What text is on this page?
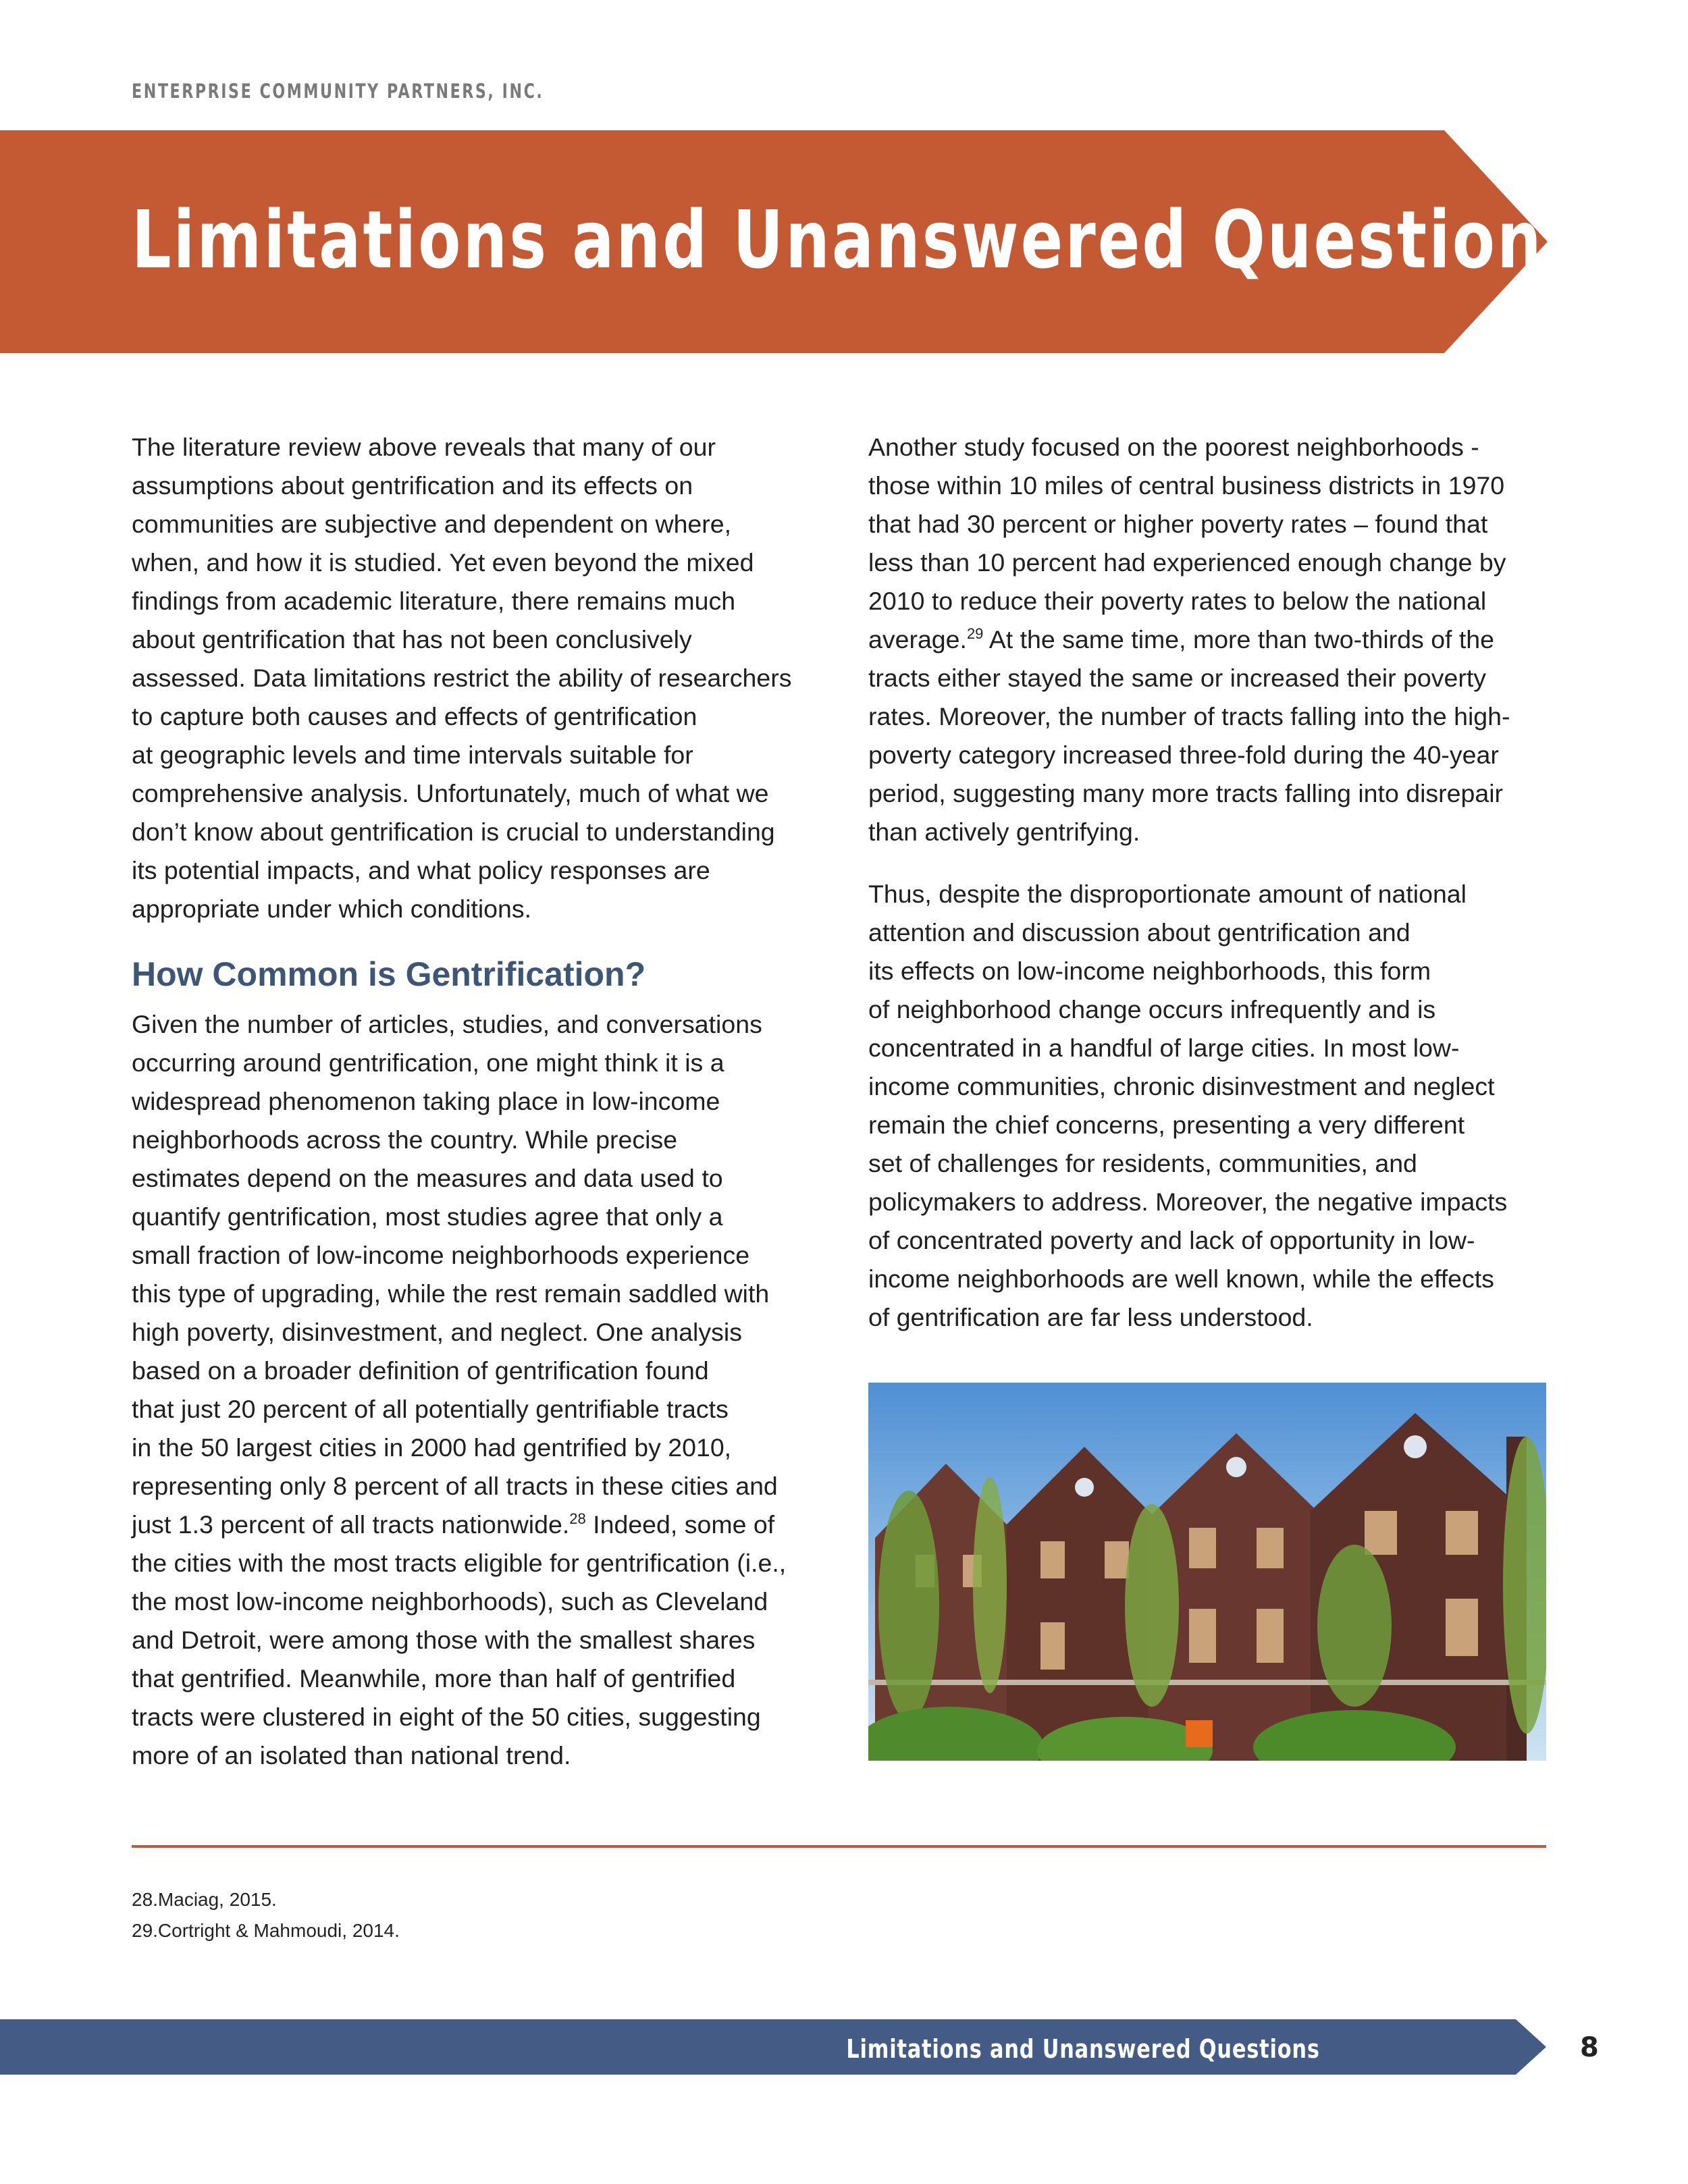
ENTERPRISE COMMUNITY PARTNERS, INC.
Limitations and Unanswered Questions
The literature review above reveals that many of our
assumptions about gentrification and its effects on
communities are subjective and dependent on where,
when, and how it is studied. Yet even beyond the mixed
findings from academic literature, there remains much
about gentrification that has not been conclusively
assessed. Data limitations restrict the ability of researchers
to capture both causes and effects of gentrification
at geographic levels and time intervals suitable for
comprehensive analysis. Unfortunately, much of what we
don’t know about gentrification is crucial to understanding
its potential impacts, and what policy responses are
appropriate under which conditions.
How Common is Gentrification?
Given the number of articles, studies, and conversations
occurring around gentrification, one might think it is a
widespread phenomenon taking place in low-income
neighborhoods across the country. While precise
estimates depend on the measures and data used to
quantify gentrification, most studies agree that only a
small fraction of low-income neighborhoods experience
this type of upgrading, while the rest remain saddled with
high poverty, disinvestment, and neglect. One analysis
based on a broader definition of gentrification found
that just 20 percent of all potentially gentrifiable tracts
in the 50 largest cities in 2000 had gentrified by 2010,
representing only 8 percent of all tracts in these cities and
just 1.3 percent of all tracts nationwide.$^{28}$ Indeed, some of
the cities with the most tracts eligible for gentrification (i.e.,
the most low-income neighborhoods), such as Cleveland
and Detroit, were among those with the smallest shares
that gentrified. Meanwhile, more than half of gentrified
tracts were clustered in eight of the 50 cities, suggesting
more of an isolated than national trend.
Another study focused on the poorest neighborhoods -
those within 10 miles of central business districts in 1970
that had 30 percent or higher poverty rates – found that
less than 10 percent had experienced enough change by
2010 to reduce their poverty rates to below the national
average.$^{29}$ At the same time, more than two-thirds of the
tracts either stayed the same or increased their poverty
rates. Moreover, the number of tracts falling into the high-
poverty category increased three-fold during the 40-year
period, suggesting many more tracts falling into disrepair
than actively gentrifying.
Thus, despite the disproportionate amount of national
attention and discussion about gentrification and
its effects on low-income neighborhoods, this form
of neighborhood change occurs infrequently and is
concentrated in a handful of large cities. In most low-
income communities, chronic disinvestment and neglect
remain the chief concerns, presenting a very different
set of challenges for residents, communities, and
policymakers to address. Moreover, the negative impacts
of concentrated poverty and lack of opportunity in low-
income neighborhoods are well known, while the effects
of gentrification are far less understood.
28.Maciag, 2015.
29.Cortright & Mahmoudi, 2014.
Limitations and Unanswered Questions	8
